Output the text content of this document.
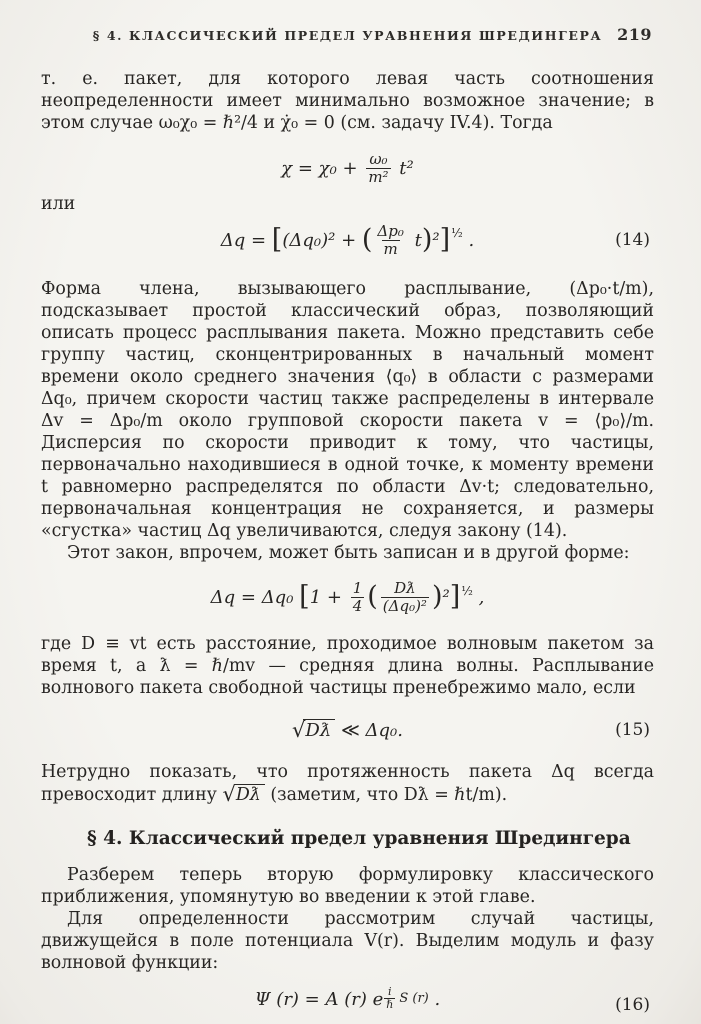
§ 4. КЛАССИЧЕСКИЙ ПРЕДЕЛ УРАВНЕНИЯ ШРЕДИНГЕРА 219

т. е. пакет, для которого левая часть соотношения неопределенности имеет минимально возможное значение; в этом случае ω₀χ₀ = ℏ²/4 и χ̇₀ = 0 (см. задачу IV.4). Тогда

$\chi = \chi_0 + \frac{\text{ω₀}}{\text{m²}} t^2$

или

Δq = [(Δq₀)² + ( $\frac{\text{Δp₀}}{m}$ t)²]½ .	(14)

Форма члена, вызывающего расплывание, (Δp₀·t/m), подсказывает простой классический образ, позволяющий описать процесс расплывания пакета. Можно представить себе группу частиц, сконцентрированных в начальный момент времени около среднего значения ⟨q₀⟩ в области с размерами Δq₀, причем скорости частиц также распределены в интервале Δv = Δp₀/m около групповой скорости пакета v = ⟨p₀⟩/m. Дисперсия по скорости приводит к тому, что частицы, первоначально находившиеся в одной точке, к моменту времени t равномерно распределятся по области Δv·t; следовательно, первоначальная концентрация не сохраняется, и размеры «сгустка» частиц Δq увеличиваются, следуя закону (14).

Этот закон, впрочем, может быть записан и в другой форме:

Δq = Δq₀ [$1 + \frac{1}{4}$ ( $\frac{Dƛ}{\text{(Δq₀)²}}$ )²]½ ,

где D ≡ vt есть расстояние, проходимое волновым пакетом за время t, а ƛ = ℏ/mv — средняя длина волны. Расплывание волнового пакета свободной частицы пренебрежимо мало, если

√Dƛ ≪ Δq₀.	(15)

Нетрудно показать, что протяженность пакета Δq всегда превосходит длину √Dƛ (заметим, что Dƛ = ℏt/m).

§ 4. Классический предел уравнения Шредингера

Разберем теперь вторую формулировку классического приближения, упомянутую во введении к этой главе.

Для определенности рассмотрим случай частицы, движущейся в поле потенциала V(r). Выделим модуль и фазу волновой функции:

Ψ (r) = A (r) e $\frac{i}{\text{ℏ}}$ S (r) .	(16)
